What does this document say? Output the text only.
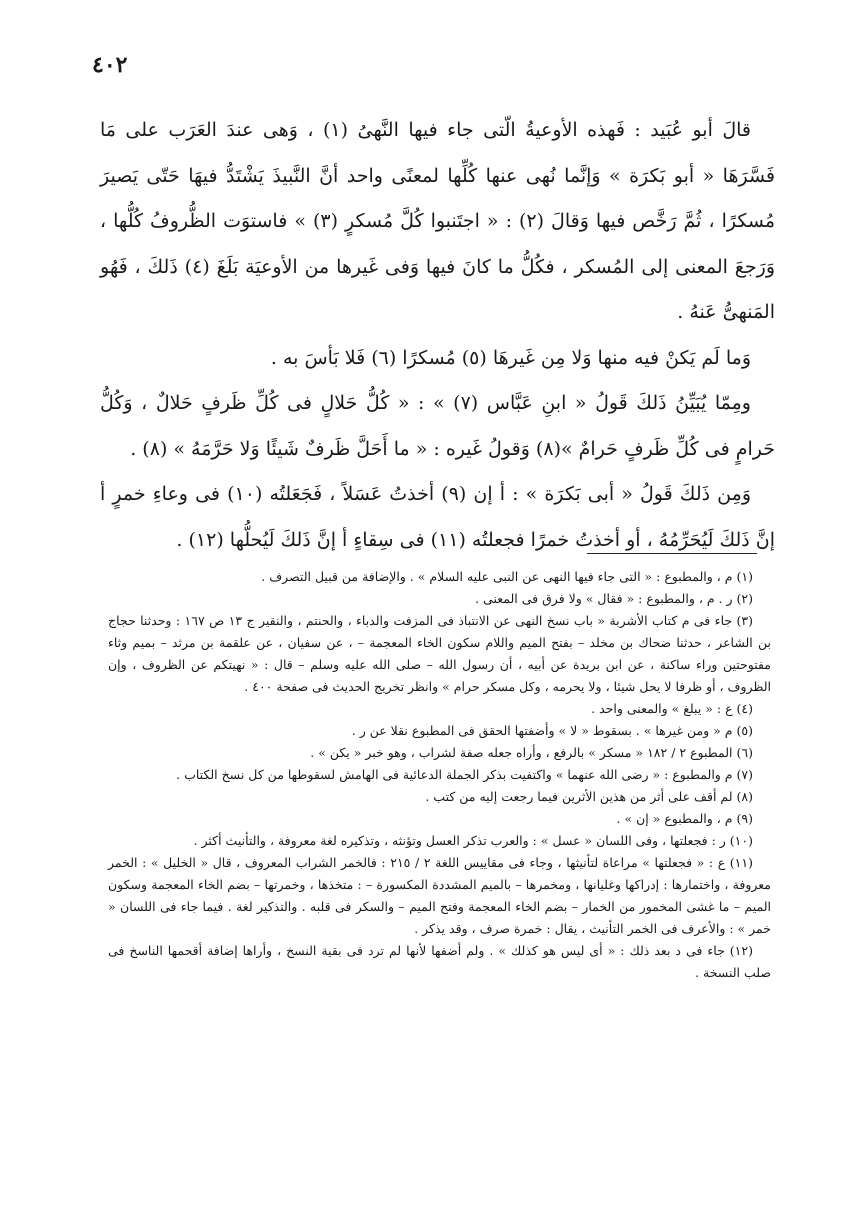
٤٠٢

قالَ أبو عُبَيد : فَهذه الأوعيةُ الّتى جاء فيها النَّهىُ (١) ، وَهى عندَ العَرَب على مَا فَسَّرَهَا « أبو بَكرَة » وَإنَّما نُهى عنها كُلِّها لمعنًى واحد أنَّ النَّبيذَ يَشْتَدُّ فيهَا حَتّى يَصيرَ مُسكرًا ، ثُمَّ رَخَّص فيها وَقالَ (٢) : « اجتَنبوا كُلَّ مُسكرٍ (٣) » فاستوَت الظُّروفُ كُلُّها ، وَرَجعَ المعنى إلى المُسكر ، فكُلُّ ما كانَ فيها وَفى غَيرها من الأوعيَة بَلَغَ (٤) ذَلكَ ، فَهُو المَنهىُّ عَنهُ .

وَما لَم يَكنْ فيه منها وَلا مِن غَيرهَا (٥) مُسكرًا (٦) فَلا بَأسَ به .

ومِمّا يُبَيِّنُ ذَلكَ قَولُ « ابنِ عَبَّاس (٧) » : « كُلُّ حَلالٍ فى كُلِّ ظَرفٍ حَلالٌ ، وَكُلُّ حَرامٍ فى كُلِّ ظَرفٍ حَرامٌ »(٨) وَقولُ غَيره : « ما أَحَلَّ ظَرفٌ شَيئًا وَلا حَرَّمَهُ » (٨) .

وَمِن ذَلكَ قَولُ « أبى بَكرَة » : أ إن (٩) أخذتُ عَسَلاً ، فَجَعَلتُه (١٠) فى وعاءِ خمرٍ أ إنَّ ذَلكَ لَيُحَرِّمُهُ ، أو أخذتُ خمرًا فجعلتُه (١١) فى سِقاءٍ أ إنَّ ذَلكَ لَيُحلُّها (١٢) .

(١) م ، والمطبوع : « التى جاء فيها النهى عن النبى عليه السلام » . والإضافة من قبيل التصرف .

(٢) ر . م ، والمطبوع : « فقال » ولا فرق فى المعنى .

(٣) جاء فى م كتاب الأشربة « باب نسخ النهى عن الانتباذ فى المزفت والدباء ، والحنتم ، والنقير ج ١٣ ص ١٦٧ : وحدثنا حجاج بن الشاعر ، حدثنا ضحاك بن مخلد – بفتح الميم واللام سكون الخاء المعجمة – ، عن سفيان ، عن علقمة بن مرثد – بميم وثاء مفتوحتين وراء ساكنة ، عن ابن بريدة عن أبيه ، أن رسول الله – صلى الله عليه وسلم – قال : « نهيتكم عن الظروف ، وإن الظروف ، أو ظرفا لا يحل شيئا ، ولا يحرمه ، وكل مسكر حرام » وانظر تخريج الحديث فى صفحة ٤٠٠ .

(٤) ع : « يبلغ » والمعنى واحد .

(٥) م « ومن غيرها » . بسقوط « لا » وأضفتها الحقق فى المطبوع نقلا عن ر .

(٦) المطبوع ٢ / ١٨٢ « مسكر » بالرفع ، وأراه جعله صفة لشراب ، وهو خبر « يكن » .

(٧) م والمطبوع : « رضى الله عنهما » واكتفيت بذكر الجملة الدعائية فى الهامش لسقوطها من كل نسخ الكتاب .

(٨) لم أقف على أثر من هذين الأثرين فيما رجعت إليه من كتب .

(٩) م ، والمطبوع « إن » .

(١٠) ر : فجعلتها ، وفى اللسان « عسل » : والعرب تذكر العسل وتؤنثه ، وتذكيره لغة معروفة ، والتأنيث أكثر .

(١١) ع : « فجعلتها » مراعاة لتأنيثها ، وجاء فى مقاييس اللغة ٢ / ٢١٥ : فالخمر الشراب المعروف ، قال « الخليل » : الخمر معروفة ، واختمارها : إدراكها وغليانها ، ومخمرها – بالميم المشددة المكسورة – : متخذها ، وخمرتها – بضم الخاء المعجمة وسكون الميم – ما غشى المخمور من الخمار – بضم الخاء المعجمة وفتح الميم – والسكر فى قلبه . والتذكير لغة . فيما جاء فى اللسان « خمر » : والأعرف فى الخمر التأنيث ، يقال : خمرة صرف ، وقد يذكر .

(١٢) جاء فى د بعد ذلك : « أى ليس هو كذلك » . ولم أضفها لأنها لم ترد فى بقية النسخ ، وأراها إضافة أقحمها الناسخ فى صلب النسخة .
